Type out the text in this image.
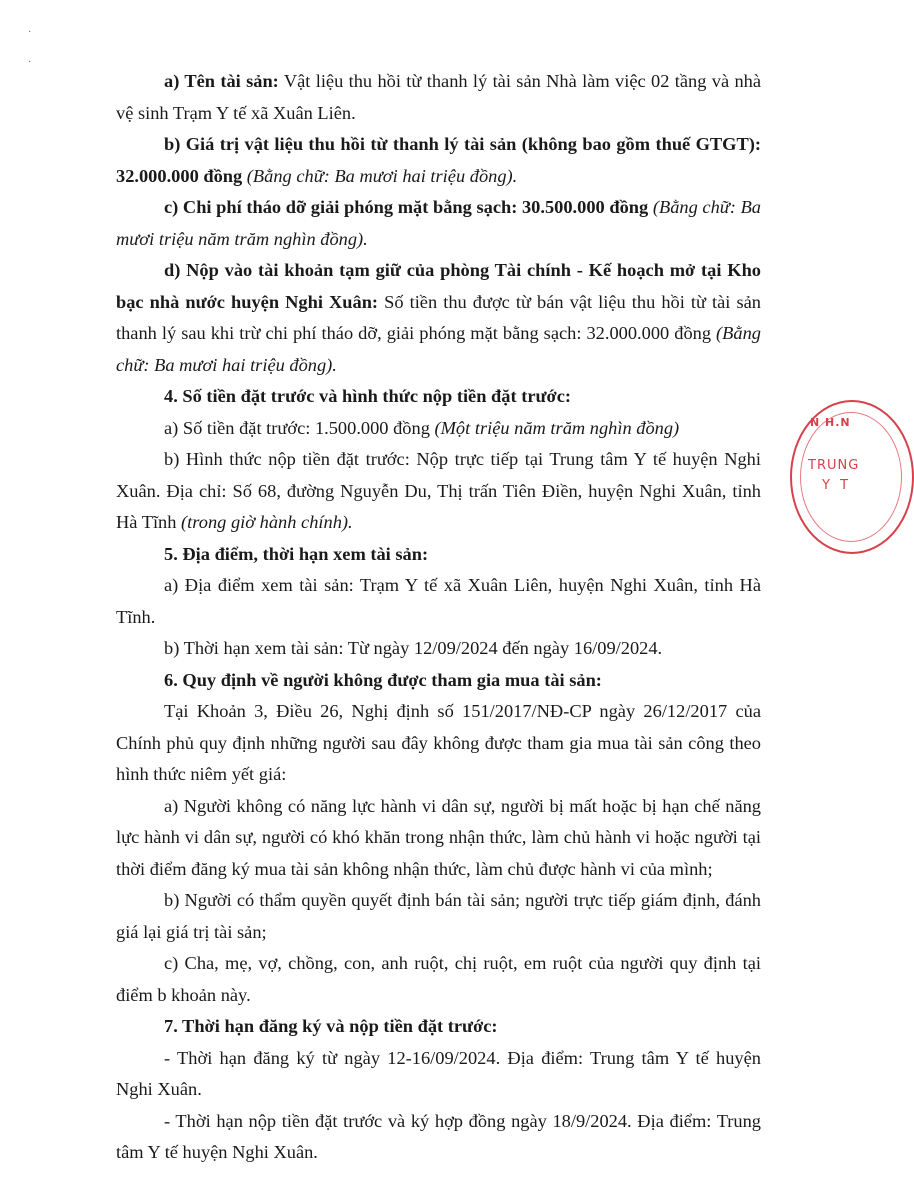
·

·

a) Tên tài sản: Vật liệu thu hồi từ thanh lý tài sản Nhà làm việc 02 tầng và nhà vệ sinh Trạm Y tế xã Xuân Liên.

b) Giá trị vật liệu thu hồi từ thanh lý tài sản (không bao gồm thuế GTGT): 32.000.000 đồng (Bằng chữ: Ba mươi hai triệu đồng).

c) Chi phí tháo dỡ giải phóng mặt bằng sạch: 30.500.000 đồng (Bằng chữ: Ba mươi triệu năm trăm nghìn đồng).

d) Nộp vào tài khoản tạm giữ của phòng Tài chính - Kế hoạch mở tại Kho bạc nhà nước huyện Nghi Xuân: Số tiền thu được từ bán vật liệu thu hồi từ tài sản thanh lý sau khi trừ chi phí tháo dỡ, giải phóng mặt bằng sạch: 32.000.000 đồng (Bằng chữ: Ba mươi hai triệu đồng).

4. Số tiền đặt trước và hình thức nộp tiền đặt trước:

a) Số tiền đặt trước: 1.500.000 đồng (Một triệu năm trăm nghìn đồng)

b) Hình thức nộp tiền đặt trước: Nộp trực tiếp tại Trung tâm Y tế huyện Nghi Xuân. Địa chỉ: Số 68, đường Nguyễn Du, Thị trấn Tiên Điền, huyện Nghi Xuân, tỉnh Hà Tĩnh (trong giờ hành chính).

5. Địa điểm, thời hạn xem tài sản:

a) Địa điểm xem tài sản: Trạm Y tế xã Xuân Liên, huyện Nghi Xuân, tỉnh Hà Tĩnh.

b) Thời hạn xem tài sản: Từ ngày 12/09/2024 đến ngày 16/09/2024.

6. Quy định về người không được tham gia mua tài sản:

Tại Khoản 3, Điều 26, Nghị định số 151/2017/NĐ-CP ngày 26/12/2017 của Chính phủ quy định những người sau đây không được tham gia mua tài sản công theo hình thức niêm yết giá:

a) Người không có năng lực hành vi dân sự, người bị mất hoặc bị hạn chế năng lực hành vi dân sự, người có khó khăn trong nhận thức, làm chủ hành vi hoặc người tại thời điểm đăng ký mua tài sản không nhận thức, làm chủ được hành vi của mình;

b) Người có thẩm quyền quyết định bán tài sản; người trực tiếp giám định, đánh giá lại giá trị tài sản;

c) Cha, mẹ, vợ, chồng, con, anh ruột, chị ruột, em ruột của người quy định tại điểm b khoản này.

7. Thời hạn đăng ký và nộp tiền đặt trước:

- Thời hạn đăng ký từ ngày 12-16/09/2024. Địa điểm: Trung tâm Y tế huyện Nghi Xuân.

- Thời hạn nộp tiền đặt trước và ký hợp đồng ngày 18/9/2024. Địa điểm: Trung tâm Y tế huyện Nghi Xuân.

N H.N
TRUNG
Y T
